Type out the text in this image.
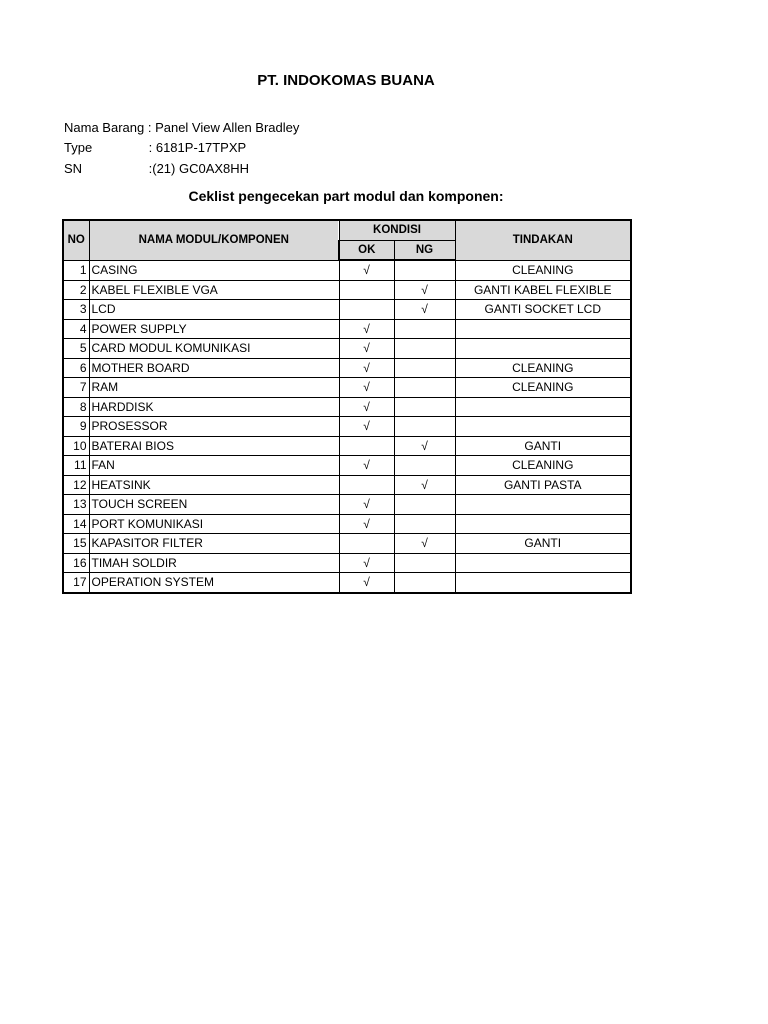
PT. INDOKOMAS BUANA
Nama Barang : Panel View Allen Bradley
Type	: 6181P-17TPXP
SN	:(21) GC0AX8HH
Ceklist pengecekan part modul dan komponen:
NO	NAMA MODUL/KOMPONEN	KONDISI		TINDAKAN
		OK	NG	
1	CASING	√		CLEANING
2	KABEL FLEXIBLE VGA		√	GANTI KABEL FLEXIBLE
3	LCD		√	GANTI SOCKET LCD
4	POWER SUPPLY	√		
5	CARD MODUL KOMUNIKASI	√		
6	MOTHER BOARD	√		CLEANING
7	RAM	√		CLEANING
8	HARDDISK	√		
9	PROSESSOR	√		
10	BATERAI BIOS		√	GANTI
11	FAN	√		CLEANING
12	HEATSINK		√	GANTI PASTA
13	TOUCH SCREEN	√		
14	PORT KOMUNIKASI	√		
15	KAPASITOR FILTER		√	GANTI
16	TIMAH SOLDIR	√		
17	OPERATION SYSTEM	√		
